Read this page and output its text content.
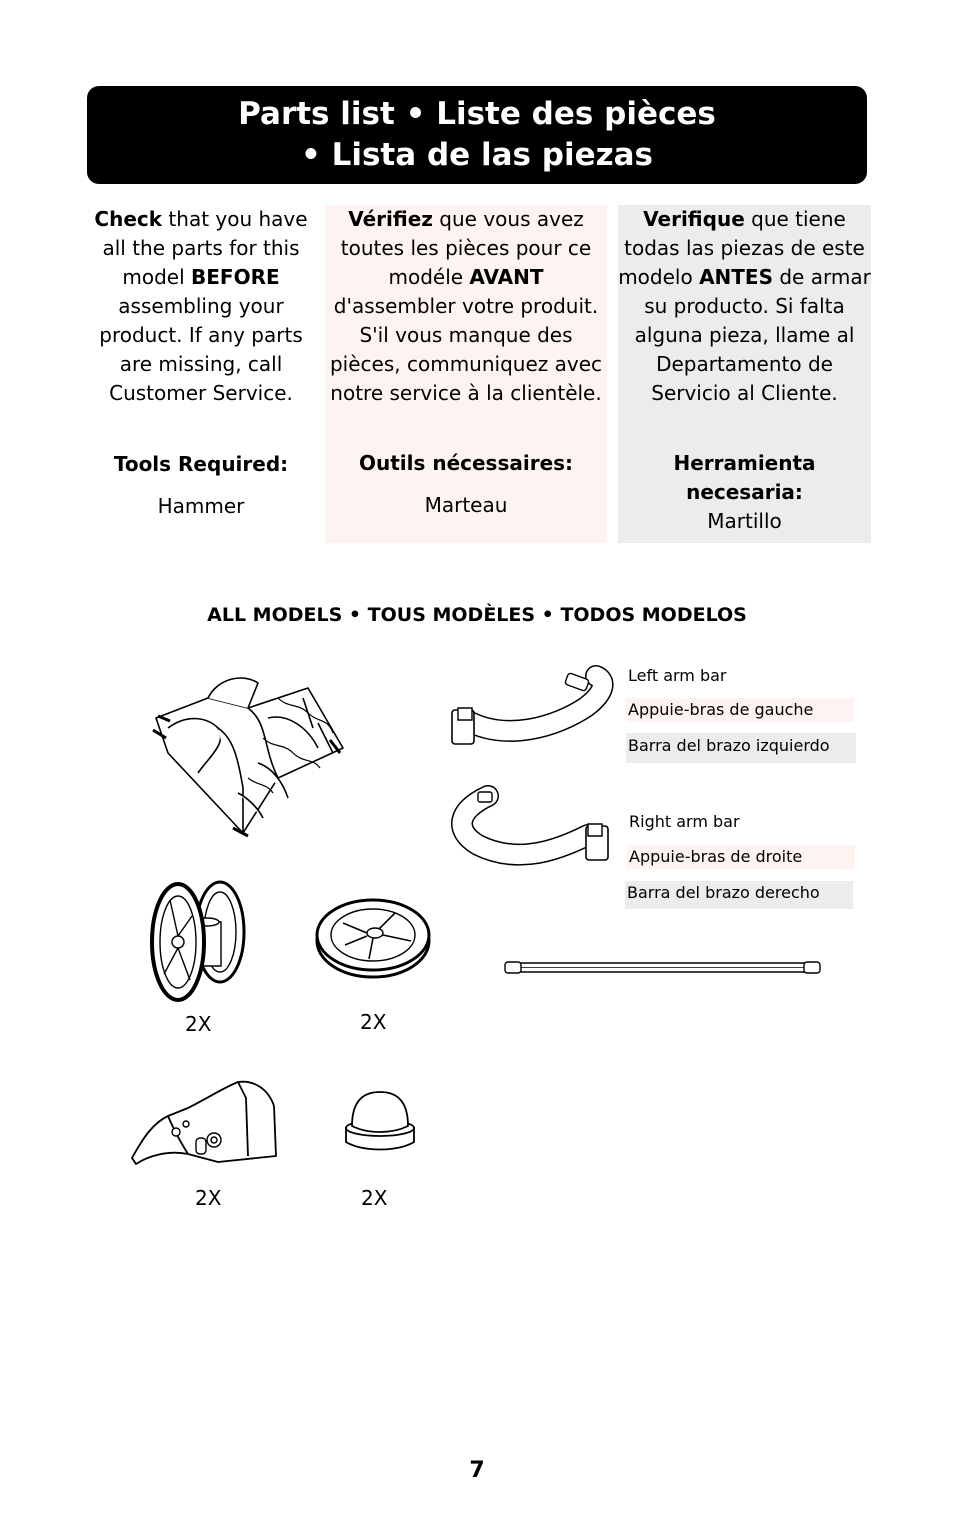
Parts list • Liste des pièces
• Lista de las piezas
Check that you have all the parts for this model BEFORE assembling your product. If any parts are missing, call Customer Service.
Vérifiez que vous avez toutes les pièces pour ce modéle AVANT d'assembler votre produit. S'il vous manque des pièces, communiquez avec notre service à la clientèle.
Verifique que tiene todas las piezas de este modelo ANTES de armar su producto. Si falta alguna pieza, llame al Departamento de Servicio al Cliente.
Tools Required:
Hammer
Outils nécessaires:
Marteau
Herramienta necesaria:
Martillo
ALL MODELS • TOUS MODÈLES • TODOS MODELOS
Left arm bar
Appuie-bras de gauche
Barra del brazo izquierdo
Right arm bar
Appuie-bras de droite
Barra del brazo derecho
2X	2X
2X	2X
7
